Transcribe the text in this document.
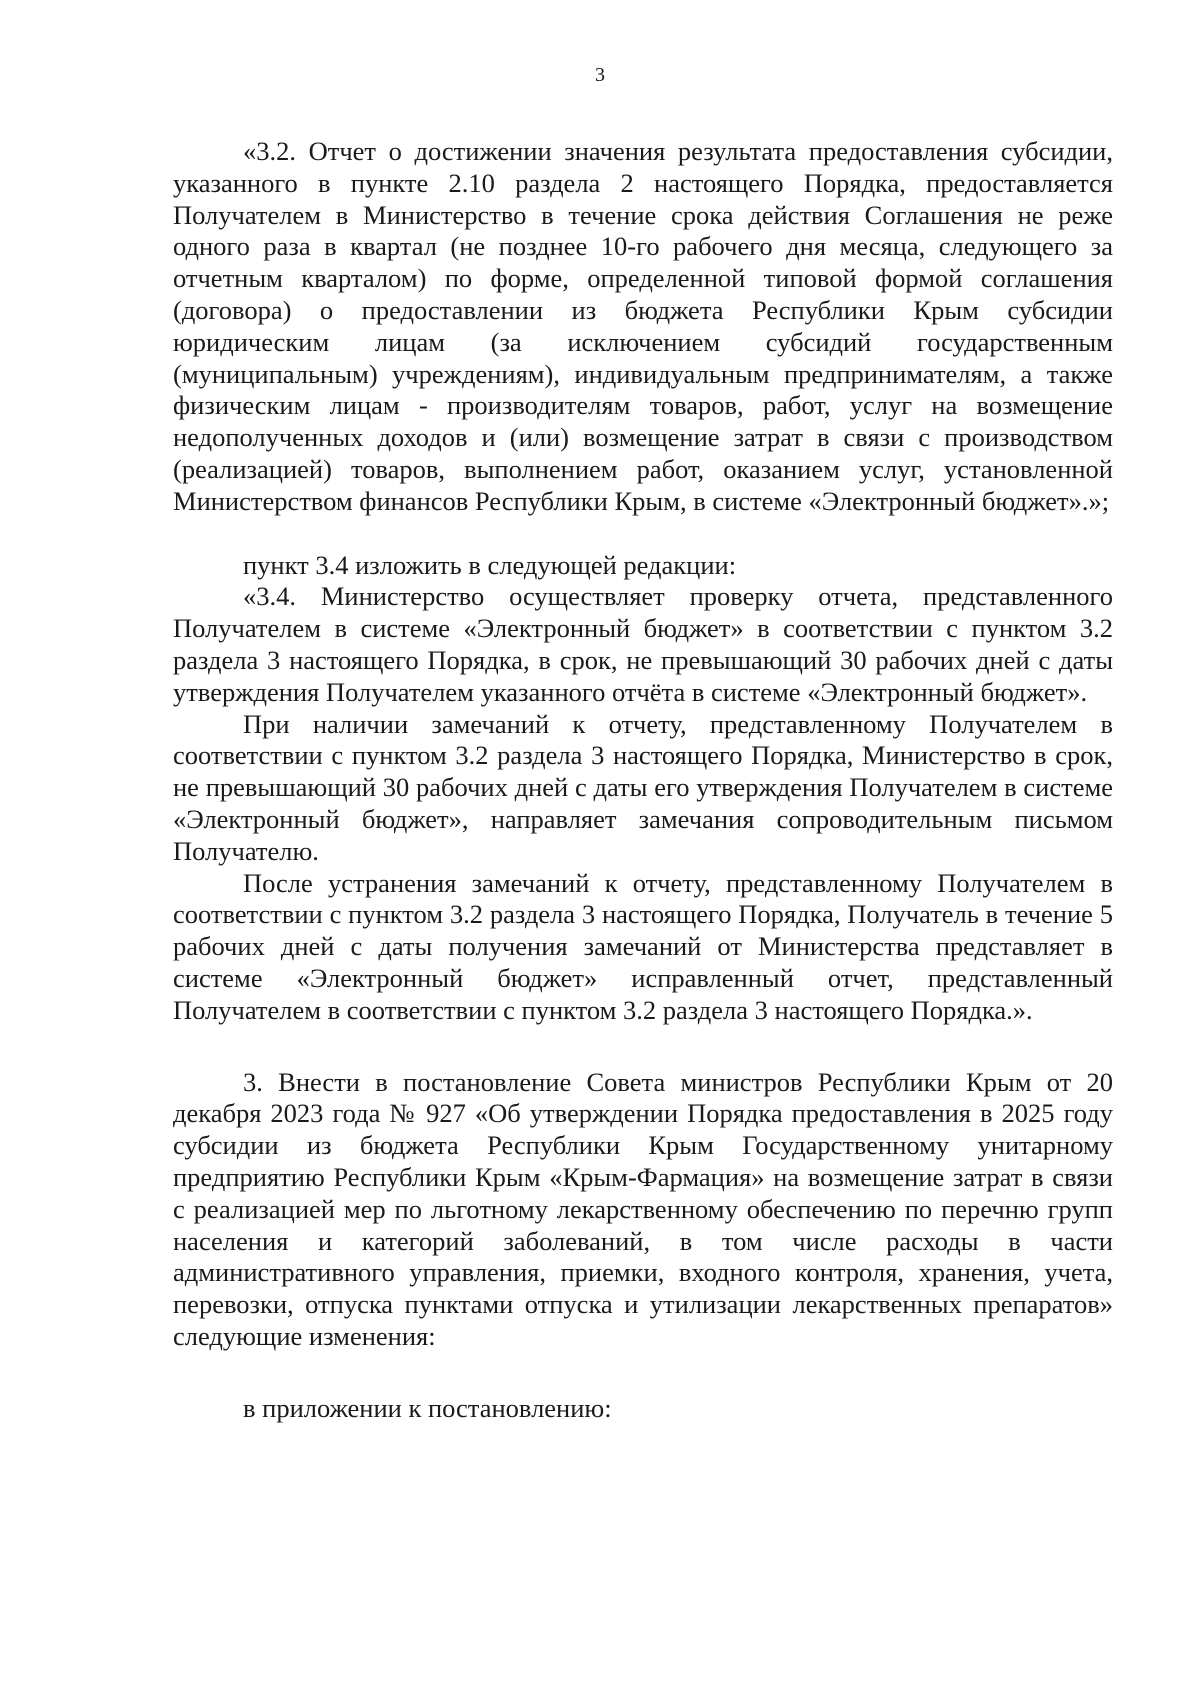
3

«3.2. Отчет о достижении значения результата предоставления субсидии, указанного в пункте 2.10 раздела 2 настоящего Порядка, предоставляется Получателем в Министерство в течение срока действия Соглашения не реже одного раза в квартал (не позднее 10-го рабочего дня месяца, следующего за отчетным кварталом) по форме, определенной типовой формой соглашения (договора) о предоставлении из бюджета Республики Крым субсидии юридическим лицам (за исключением субсидий государственным (муниципальным) учреждениям), индивидуальным предпринимателям, а также физическим лицам - производителям товаров, работ, услуг на возмещение недополученных доходов и (или) возмещение затрат в связи с производством (реализацией) товаров, выполнением работ, оказанием услуг, установленной Министерством финансов Республики Крым, в системе «Электронный бюджет».»;

пункт 3.4 изложить в следующей редакции:

«3.4. Министерство осуществляет проверку отчета, представленного Получателем в системе «Электронный бюджет» в соответствии с пунктом 3.2 раздела 3 настоящего Порядка, в срок, не превышающий 30 рабочих дней с даты утверждения Получателем указанного отчёта в системе «Электронный бюджет».

При наличии замечаний к отчету, представленному Получателем в соответствии с пунктом 3.2 раздела 3 настоящего Порядка, Министерство в срок, не превышающий 30 рабочих дней с даты его утверждения Получателем в системе «Электронный бюджет», направляет замечания сопроводительным письмом Получателю.

После устранения замечаний к отчету, представленному Получателем в соответствии с пунктом 3.2 раздела 3 настоящего Порядка, Получатель в течение 5 рабочих дней с даты получения замечаний от Министерства представляет в системе «Электронный бюджет» исправленный отчет, представленный Получателем в соответствии с пунктом 3.2 раздела 3 настоящего Порядка.».

3. Внести в постановление Совета министров Республики Крым от 20 декабря 2023 года № 927 «Об утверждении Порядка предоставления в 2025 году субсидии из бюджета Республики Крым Государственному унитарному предприятию Республики Крым «Крым-Фармация» на возмещение затрат в связи с реализацией мер по льготному лекарственному обеспечению по перечню групп населения и категорий заболеваний, в том числе расходы в части административного управления, приемки, входного контроля, хранения, учета, перевозки, отпуска пунктами отпуска и утилизации лекарственных препаратов» следующие изменения:

в приложении к постановлению:
